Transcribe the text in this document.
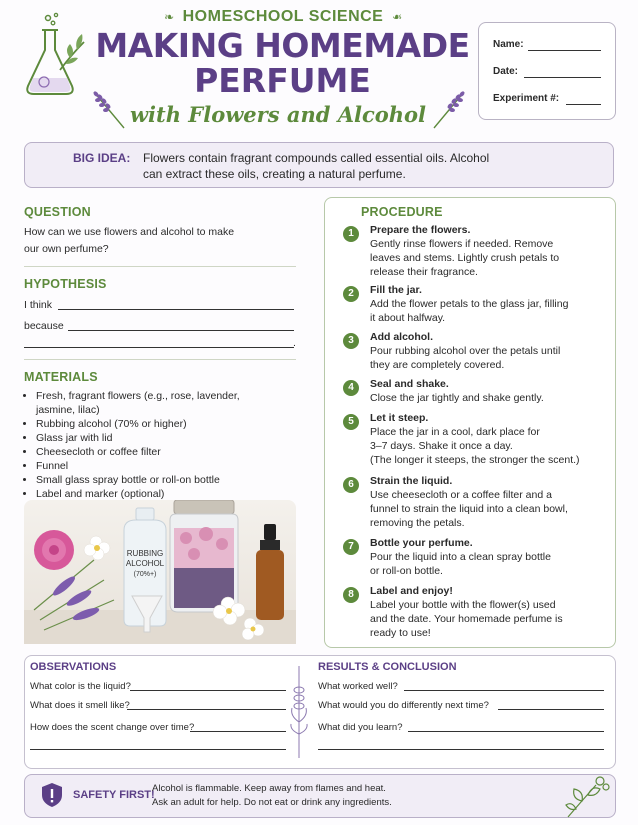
❧ HOMESCHOOL SCIENCE ❧
MAKING HOMEMADE
PERFUME
with Flowers and Alcohol
Name:
Date:
Experiment #:
BIG IDEA: Flowers contain fragrant compounds called essential oils. Alcohol
can extract these oils, creating a natural perfume.
QUESTION
How can we use flowers and alcohol to make
our own perfume?
HYPOTHESIS
I think
because
.
MATERIALS
• Fresh, fragrant flowers (e.g., rose, lavender,
jasmine, lilac)
• Rubbing alcohol (70% or higher)
• Glass jar with lid
• Cheesecloth or coffee filter
• Funnel
• Small glass spray bottle or roll-on bottle
• Label and marker (optional)
RUBBING
ALCOHOL
(70%+)
PROCEDURE
1	Prepare the flowers.
Gently rinse flowers if needed. Remove
leaves and stems. Lightly crush petals to
release their fragrance.
2	Fill the jar.
Add the flower petals to the glass jar, filling
it about halfway.
3	Add alcohol.
Pour rubbing alcohol over the petals until
they are completely covered.
4	Seal and shake.
Close the jar tightly and shake gently.
5	Let it steep.
Place the jar in a cool, dark place for
3–7 days. Shake it once a day.
(The longer it steeps, the stronger the scent.)
6	Strain the liquid.
Use cheesecloth or a coffee filter and a
funnel to strain the liquid into a clean bowl,
removing the petals.
7	Bottle your perfume.
Pour the liquid into a clean spray bottle
or roll-on bottle.
8	Label and enjoy!
Label your bottle with the flower(s) used
and the date. Your homemade perfume is
ready to use!
OBSERVATIONS
What color is the liquid?
What does it smell like?
How does the scent change over time?
RESULTS & CONCLUSION
What worked well?
What would you do differently next time?
What did you learn?
SAFETY FIRST!
Alcohol is flammable. Keep away from flames and heat.
Ask an adult for help. Do not eat or drink any ingredients.
